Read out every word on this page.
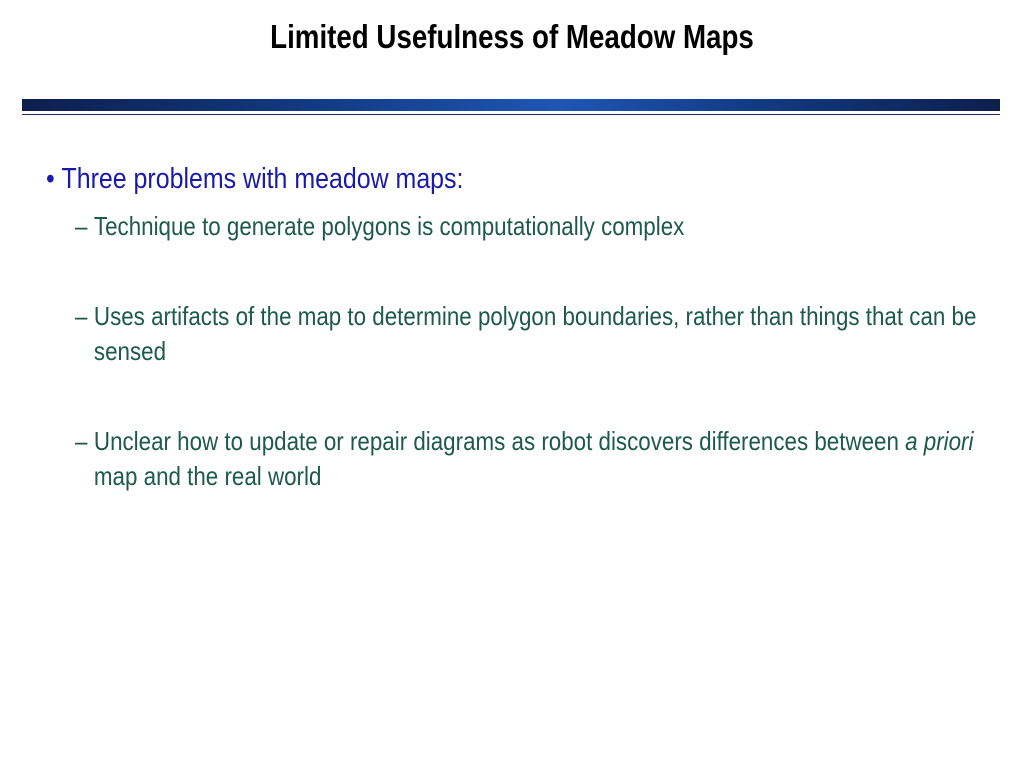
Limited Usefulness of Meadow Maps
• Three problems with meadow maps:
– Technique to generate polygons is computationally complex
– Uses artifacts of the map to determine polygon boundaries, rather than things that can be sensed
– Unclear how to update or repair diagrams as robot discovers differences between a priori map and the real world
